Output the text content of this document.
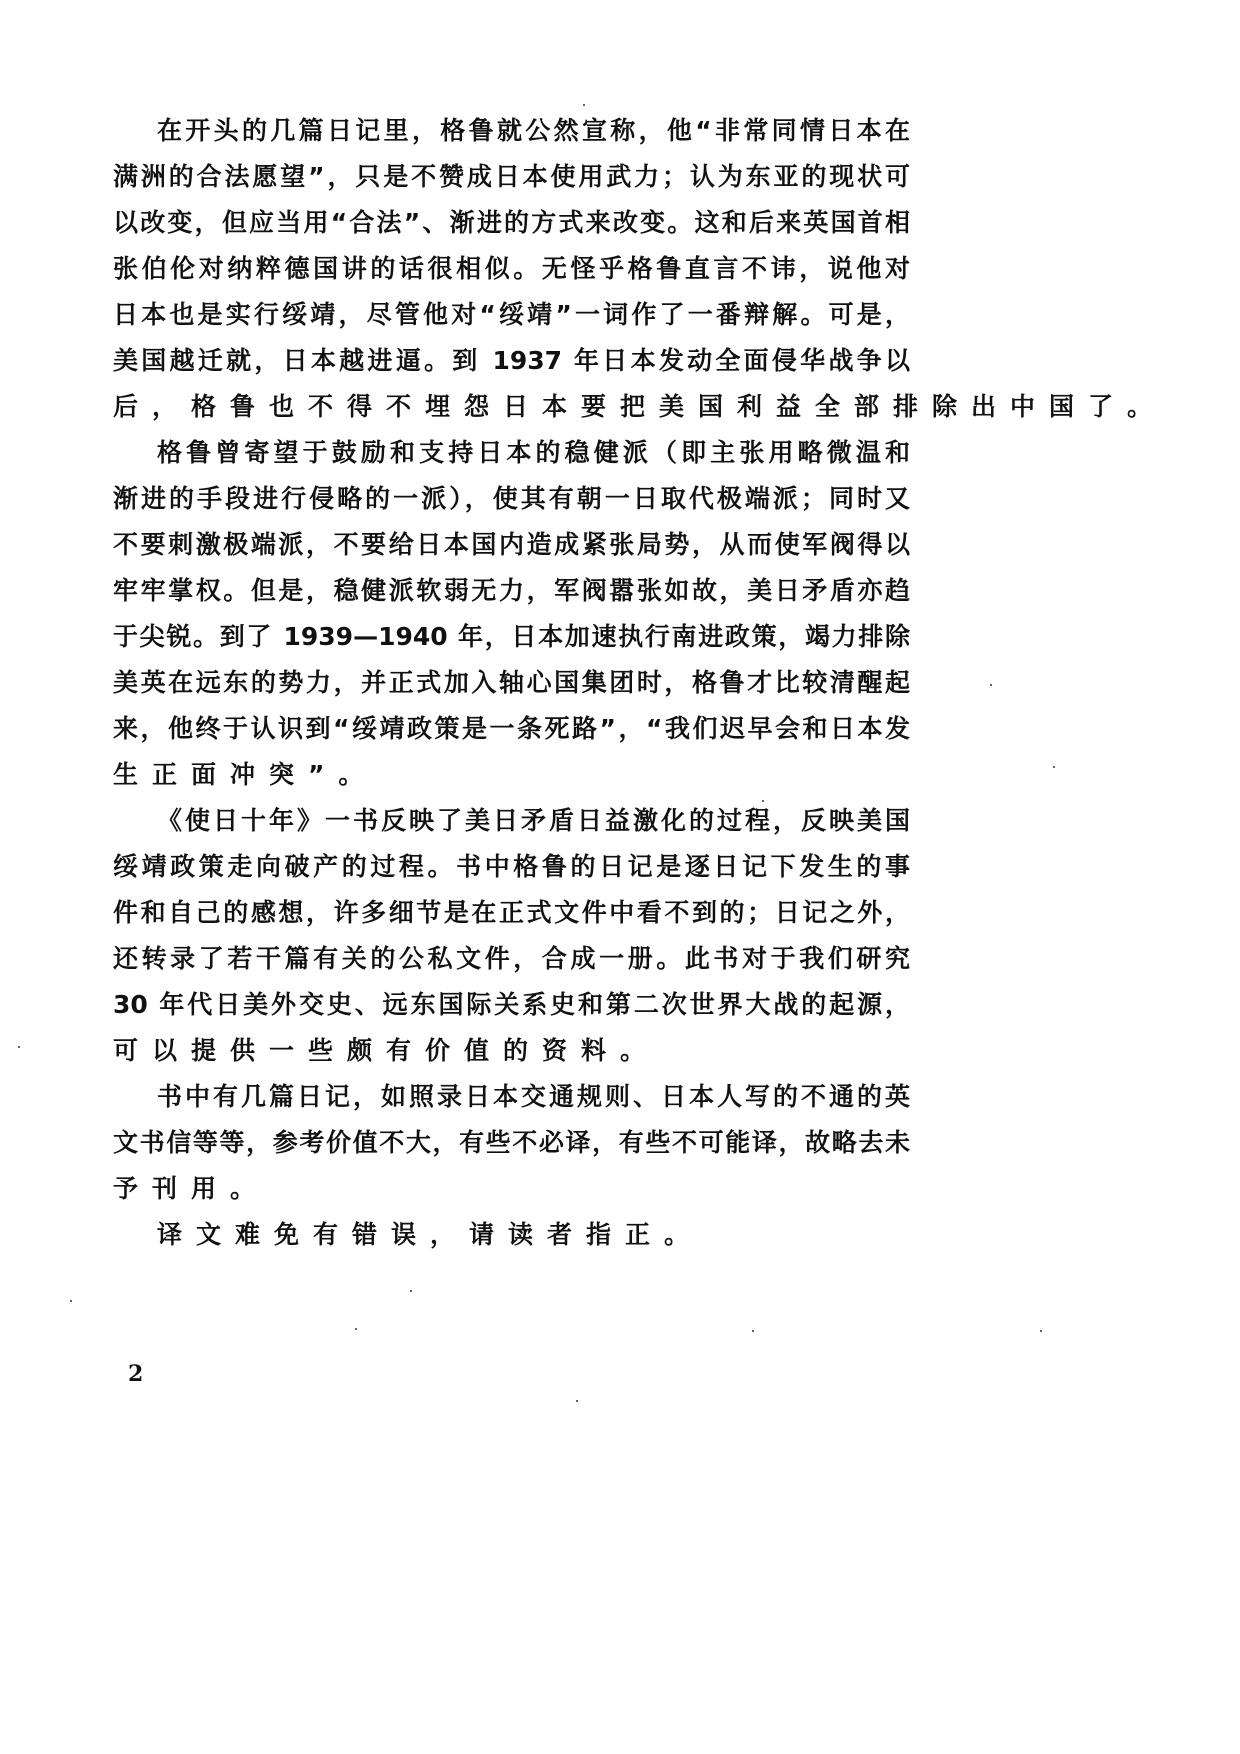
在开头的几篇日记里，格鲁就公然宣称，他“非常同情日本在
满洲的合法愿望”，只是不赞成日本使用武力；认为东亚的现状可
以改变，但应当用“合法”、渐进的方式来改变。这和后来英国首相
张伯伦对纳粹德国讲的话很相似。无怪乎格鲁直言不讳，说他对
日本也是实行绥靖，尽管他对“绥靖”一词作了一番辩解。可是，
美国越迁就，日本越进逼。到 1937 年日本发动全面侵华战争以
后，格鲁也不得不埋怨日本要把美国利益全部排除出中国了。
格鲁曾寄望于鼓励和支持日本的稳健派（即主张用略微温和
渐进的手段进行侵略的一派），使其有朝一日取代极端派；同时又
不要刺激极端派，不要给日本国内造成紧张局势，从而使军阀得以
牢牢掌权。但是，稳健派软弱无力，军阀嚣张如故，美日矛盾亦趋
于尖锐。到了 1939—1940 年，日本加速执行南进政策，竭力排除
美英在远东的势力，并正式加入轴心国集团时，格鲁才比较清醒起
来，他终于认识到“绥靖政策是一条死路”，“我们迟早会和日本发
生正面冲突”。
《使日十年》一书反映了美日矛盾日益激化的过程，反映美国
绥靖政策走向破产的过程。书中格鲁的日记是逐日记下发生的事
件和自己的感想，许多细节是在正式文件中看不到的；日记之外，
还转录了若干篇有关的公私文件，合成一册。此书对于我们研究
30 年代日美外交史、远东国际关系史和第二次世界大战的起源，
可以提供一些颇有价值的资料。
书中有几篇日记，如照录日本交通规则、日本人写的不通的英
文书信等等，参考价值不大，有些不必译，有些不可能译，故略去未
予刊用。
译文难免有错误，请读者指正。
2
